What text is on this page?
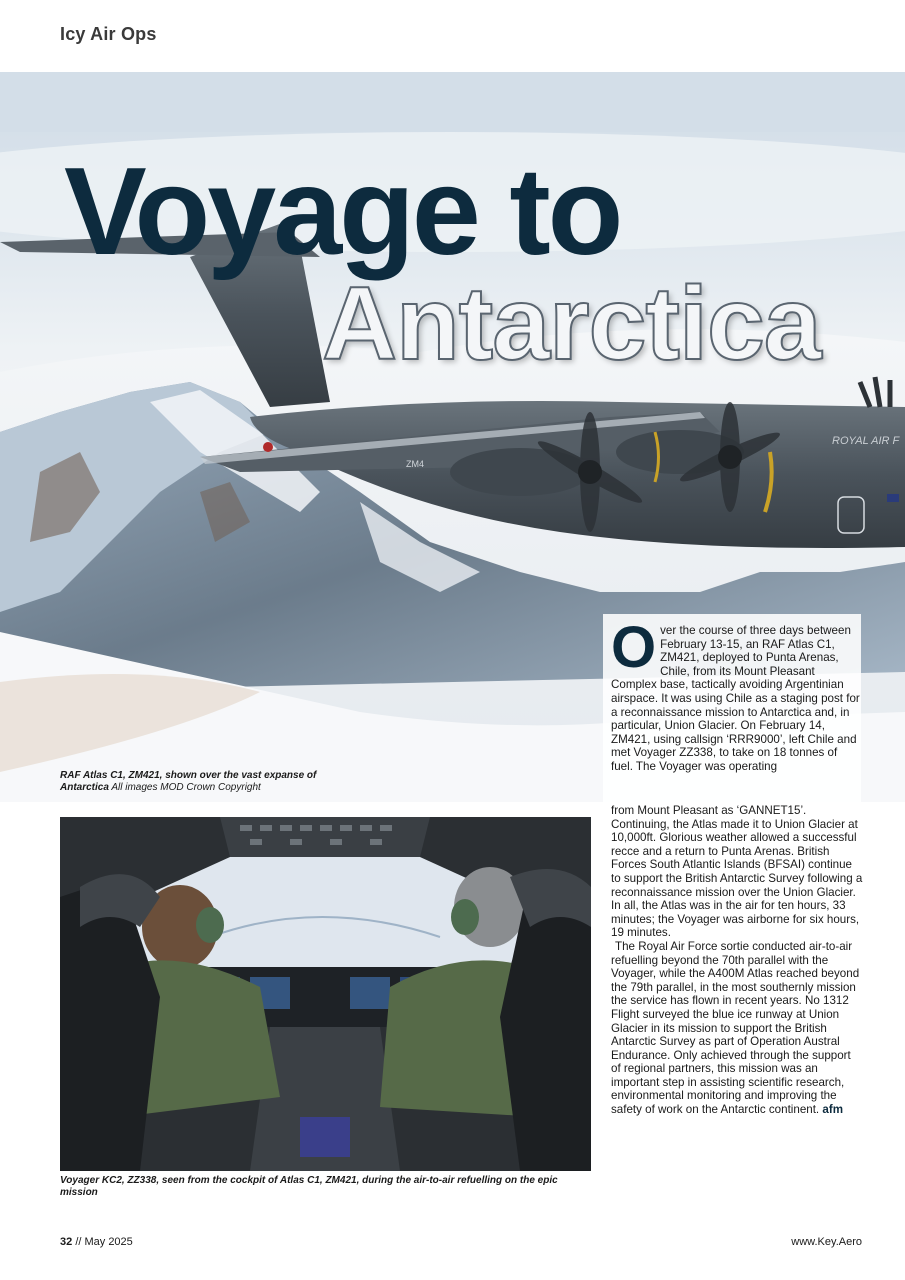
Icy Air Ops
ROYAL AIR F
ZM4
Voyage to
Antarctica
RAF Atlas C1, ZM421, shown over the vast expanse of Antarctica All images MOD Crown Copyright

Over the course of three days between February 13-15, an RAF Atlas C1, ZM421, deployed to Punta Arenas, Chile, from its Mount Pleasant Complex base, tactically avoiding Argentinian airspace. It was using Chile as a staging post for a reconnaissance mission to Antarctica and, in particular, Union Glacier. On February 14, ZM421, using callsign ‘RRR9000’, left Chile and met Voyager ZZ338, to take on 18 tonnes of fuel. The Voyager was operating

from Mount Pleasant as ‘GANNET15’. Continuing, the Atlas made it to Union Glacier at 10,000ft. Glorious weather allowed a successful recce and a return to Punta Arenas. British Forces South Atlantic Islands (BFSAI) continue to support the British Antarctic Survey following a reconnaissance mission over the Union Glacier. In all, the Atlas was in the air for ten hours, 33 minutes; the Voyager was airborne for six hours, 19 minutes.

The Royal Air Force sortie conducted air-to-air refuelling beyond the 70th parallel with the Voyager, while the A400M Atlas reached beyond the 79th parallel, in the most southernly mission the service has flown in recent years. No 1312 Flight surveyed the blue ice runway at Union Glacier in its mission to support the British Antarctic Survey as part of Operation Austral Endurance. Only achieved through the support of regional partners, this mission was an important step in assisting scientific research, environmental monitoring and improving the safety of work on the Antarctic continent. afm

Voyager KC2, ZZ338, seen from the cockpit of Atlas C1, ZM421, during the air-to-air refuelling on the epic mission
32 // May 2025	www.Key.Aero
